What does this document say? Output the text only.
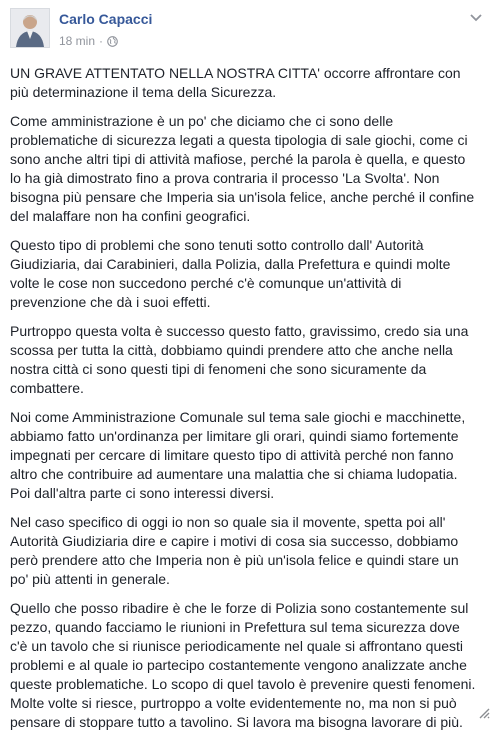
Carlo Capacci
18 min ·

UN GRAVE ATTENTATO NELLA NOSTRA CITTA' occorre affrontare con più determinazione il tema della Sicurezza.

Come amministrazione è un po' che diciamo che ci sono delle problematiche di sicurezza legati a questa tipologia di sale giochi, come ci sono anche altri tipi di attività mafiose, perché la parola è quella, e questo lo ha già dimostrato fino a prova contraria il processo 'La Svolta'. Non bisogna più pensare che Imperia sia un'isola felice, anche perché il confine del malaffare non ha confini geografici.

Questo tipo di problemi che sono tenuti sotto controllo dall' Autorità Giudiziaria, dai Carabinieri, dalla Polizia, dalla Prefettura e quindi molte volte le cose non succedono perché c'è comunque un'attività di prevenzione che dà i suoi effetti.

Purtroppo questa volta è successo questo fatto, gravissimo, credo sia una scossa per tutta la città, dobbiamo quindi prendere atto che anche nella nostra città ci sono questi tipi di fenomeni che sono sicuramente da combattere.

Noi come Amministrazione Comunale sul tema sale giochi e macchinette, abbiamo fatto un'ordinanza per limitare gli orari, quindi siamo fortemente impegnati per cercare di limitare questo tipo di attività perché non fanno altro che contribuire ad aumentare una malattia che si chiama ludopatia. Poi dall'altra parte ci sono interessi diversi.

Nel caso specifico di oggi io non so quale sia il movente, spetta poi all' Autorità Giudiziaria dire e capire i motivi di cosa sia successo, dobbiamo però prendere atto che Imperia non è più un'isola felice e quindi stare un po' più attenti in generale.

Quello che posso ribadire è che le forze di Polizia sono costantemente sul pezzo, quando facciamo le riunioni in Prefettura sul tema sicurezza dove c'è un tavolo che si riunisce periodicamente nel quale si affrontano questi problemi e al quale io partecipo costantemente vengono analizzate anche queste problematiche. Lo scopo di quel tavolo è prevenire questi fenomeni. Molte volte si riesce, purtroppo a volte evidentemente no, ma non si può pensare di stoppare tutto a tavolino. Si lavora ma bisogna lavorare di più.
